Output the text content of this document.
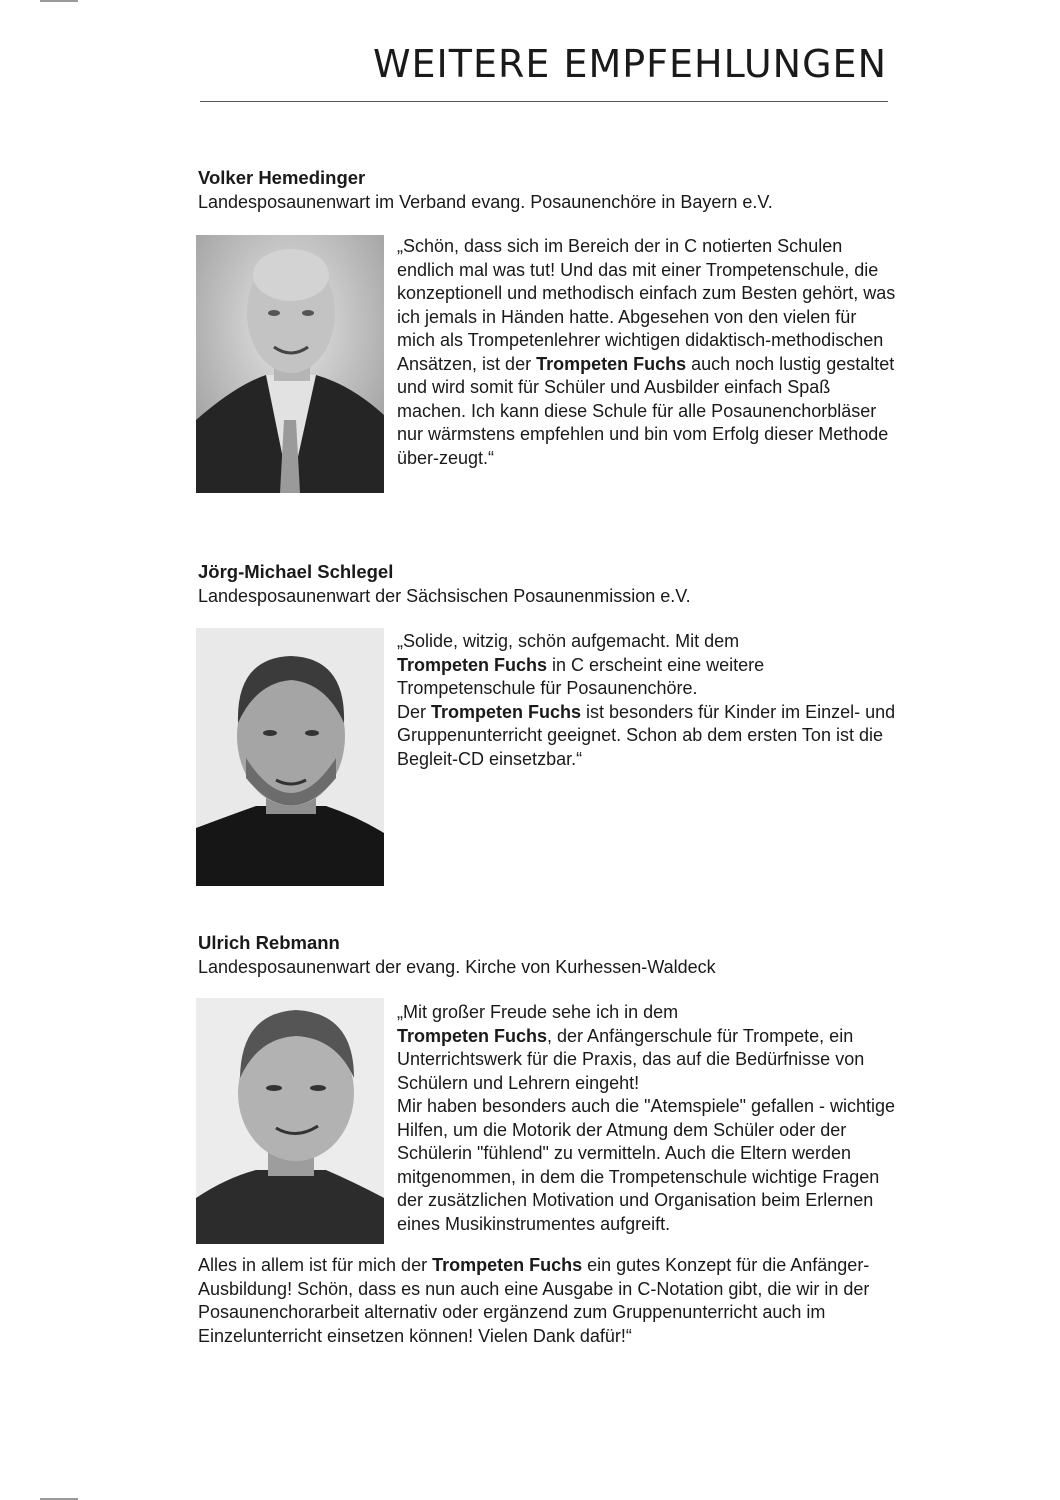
WEITERE EMPFEHLUNGEN

Volker Hemedinger

Landesposaunenwart im Verband evang. Posaunenchöre in Bayern e.V.

„Schön, dass sich im Bereich der in C notierten Schulen endlich mal was tut! Und das mit einer Trompetenschule, die konzeptionell und methodisch einfach zum Besten gehört, was ich jemals in Händen hatte. Abgesehen von den vielen für mich als Trompetenlehrer wichtigen didaktisch-methodischen Ansätzen, ist der Trompeten Fuchs auch noch lustig gestaltet und wird somit für Schüler und Ausbilder einfach Spaß machen. Ich kann diese Schule für alle Posaunenchorbläser nur wärmstens empfehlen und bin vom Erfolg dieser Methode über-zeugt.“

Jörg-Michael Schlegel

Landesposaunenwart der Sächsischen Posaunenmission e.V.

„Solide, witzig, schön aufgemacht. Mit dem

Trompeten Fuchs in C erscheint eine weitere Trompetenschule für Posaunenchöre.

Der Trompeten Fuchs ist besonders für Kinder im Einzel- und Gruppenunterricht geeignet. Schon ab dem ersten Ton ist die Begleit-CD einsetzbar.“

Ulrich Rebmann

Landesposaunenwart der evang. Kirche von Kurhessen-Waldeck

„Mit großer Freude sehe ich in dem

Trompeten Fuchs, der Anfängerschule für Trompete, ein Unterrichtswerk für die Praxis, das auf die Bedürfnisse von Schülern und Lehrern eingeht!

Mir haben besonders auch die "Atemspiele" gefallen - wichtige Hilfen, um die Motorik der Atmung dem Schüler oder der Schülerin "fühlend" zu vermitteln. Auch die Eltern werden mitgenommen, in dem die Trompetenschule wichtige Fragen der zusätzlichen Motivation und Organisation beim Erlernen eines Musikinstrumentes aufgreift.

Alles in allem ist für mich der Trompeten Fuchs ein gutes Konzept für die Anfänger-Ausbildung! Schön, dass es nun auch eine Ausgabe in C-Notation gibt, die wir in der Posaunenchorarbeit alternativ oder ergänzend zum Gruppenunterricht auch im Einzelunterricht einsetzen können! Vielen Dank dafür!“
